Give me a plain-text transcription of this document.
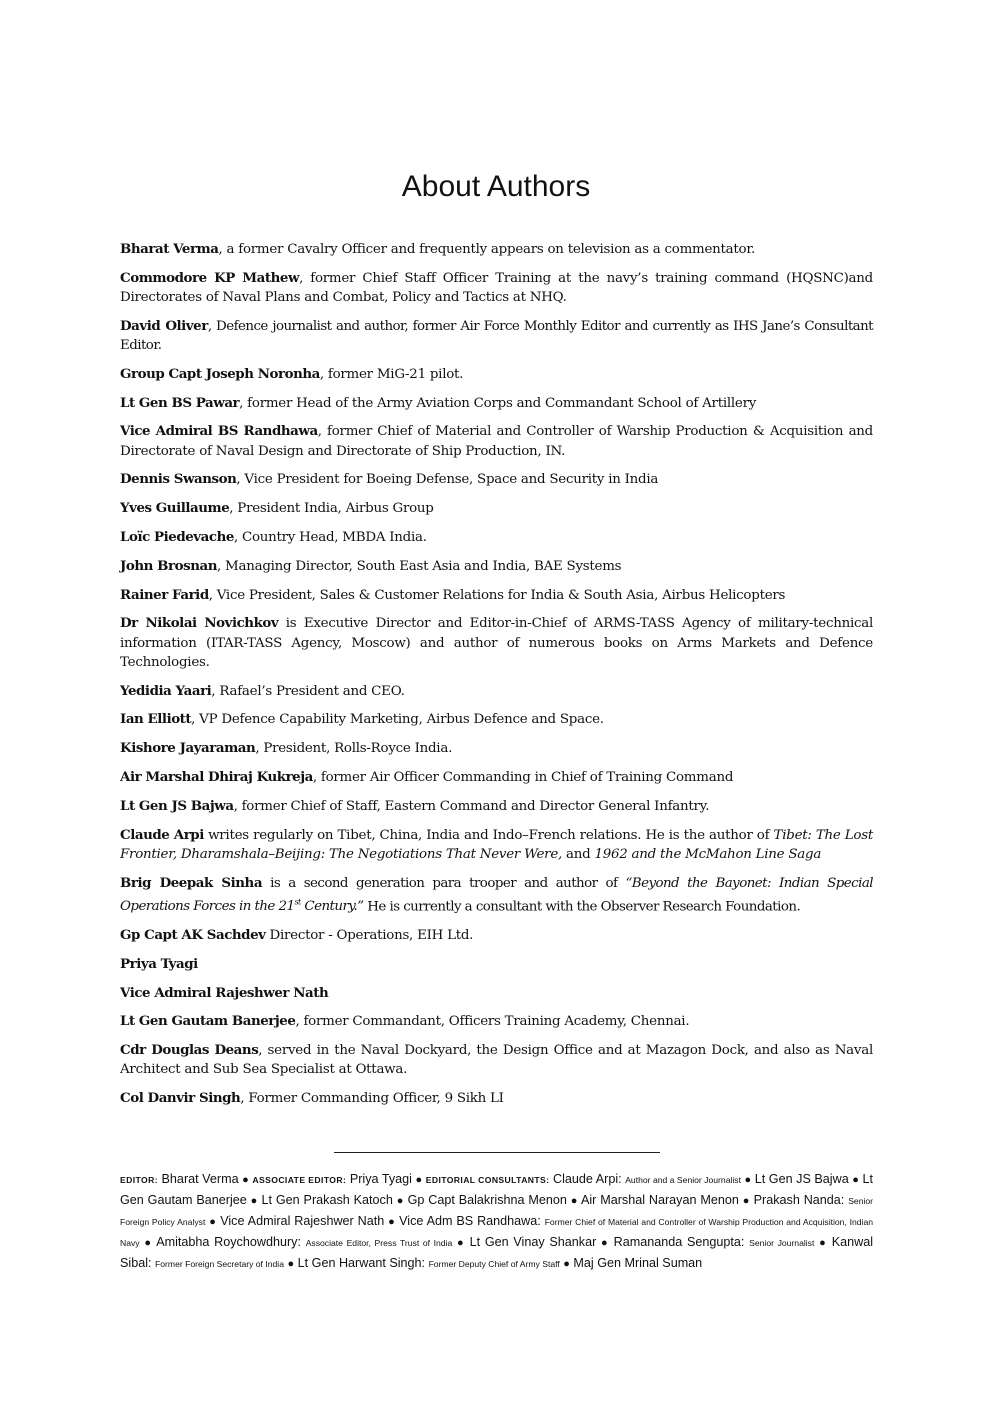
About Authors

Bharat Verma, a former Cavalry Officer and frequently appears on television as a commentator.

Commodore KP Mathew, former Chief Staff Officer Training at the navy’s training command (HQSNC)and Directorates of Naval Plans and Combat, Policy and Tactics at NHQ.

David Oliver, Defence journalist and author, former Air Force Monthly Editor and currently as IHS Jane’s Consultant Editor.

Group Capt Joseph Noronha, former MiG-21 pilot.

Lt Gen BS Pawar, former Head of the Army Aviation Corps and Commandant School of Artillery

Vice Admiral BS Randhawa, former Chief of Material and Controller of Warship Production & Acquisition and Directorate of Naval Design and Directorate of Ship Production, IN.

Dennis Swanson, Vice President for Boeing Defense, Space and Security in India

Yves Guillaume, President India, Airbus Group

Loïc Piedevache, Country Head, MBDA India.

John Brosnan, Managing Director, South East Asia and India, BAE Systems

Rainer Farid, Vice President, Sales & Customer Relations for India & South Asia, Airbus Helicopters

Dr Nikolai Novichkov is Executive Director and Editor-in-Chief of ARMS-TASS Agency of military-technical information (ITAR-TASS Agency, Moscow) and author of numerous books on Arms Markets and Defence Technologies.

Yedidia Yaari, Rafael’s President and CEO.

Ian Elliott, VP Defence Capability Marketing, Airbus Defence and Space.

Kishore Jayaraman, President, Rolls-Royce India.

Air Marshal Dhiraj Kukreja, former Air Officer Commanding in Chief of Training Command

Lt Gen JS Bajwa, former Chief of Staff, Eastern Command and Director General Infantry.

Claude Arpi writes regularly on Tibet, China, India and Indo–French relations. He is the author of Tibet: The Lost Frontier, Dharamshala–Beijing: The Negotiations That Never Were, and 1962 and the McMahon Line Saga

Brig Deepak Sinha is a second generation para trooper and author of “Beyond the Bayonet: Indian Special Operations Forces in the 21st Century.” He is currently a consultant with the Observer Research Foundation.

Gp Capt AK Sachdev Director - Operations, EIH Ltd.

Priya Tyagi

Vice Admiral Rajeshwer Nath

Lt Gen Gautam Banerjee, former Commandant, Officers Training Academy, Chennai.

Cdr Douglas Deans, served in the Naval Dockyard, the Design Office and at Mazagon Dock, and also as Naval Architect and Sub Sea Specialist at Ottawa.

Col Danvir Singh, Former Commanding Officer, 9 Sikh LI

EDITOR: Bharat Verma ● ASSOCIATE EDITOR: Priya Tyagi ● EDITORIAL CONSULTANTS: Claude Arpi: Author and a Senior Journalist ● Lt Gen JS Bajwa ● Lt Gen Gautam Banerjee ● Lt Gen Prakash Katoch ● Gp Capt Balakrishna Menon ● Air Marshal Narayan Menon ● Prakash Nanda: Senior Foreign Policy Analyst ● Vice Admiral Rajeshwer Nath ● Vice Adm BS Randhawa: Former Chief of Material and Controller of Warship Production and Acquisition, Indian Navy ● Amitabha Roychowdhury: Associate Editor, Press Trust of India ● Lt Gen Vinay Shankar ● Ramananda Sengupta: Senior Journalist ● Kanwal Sibal: Former Foreign Secretary of India ● Lt Gen Harwant Singh: Former Deputy Chief of Army Staff ● Maj Gen Mrinal Suman
